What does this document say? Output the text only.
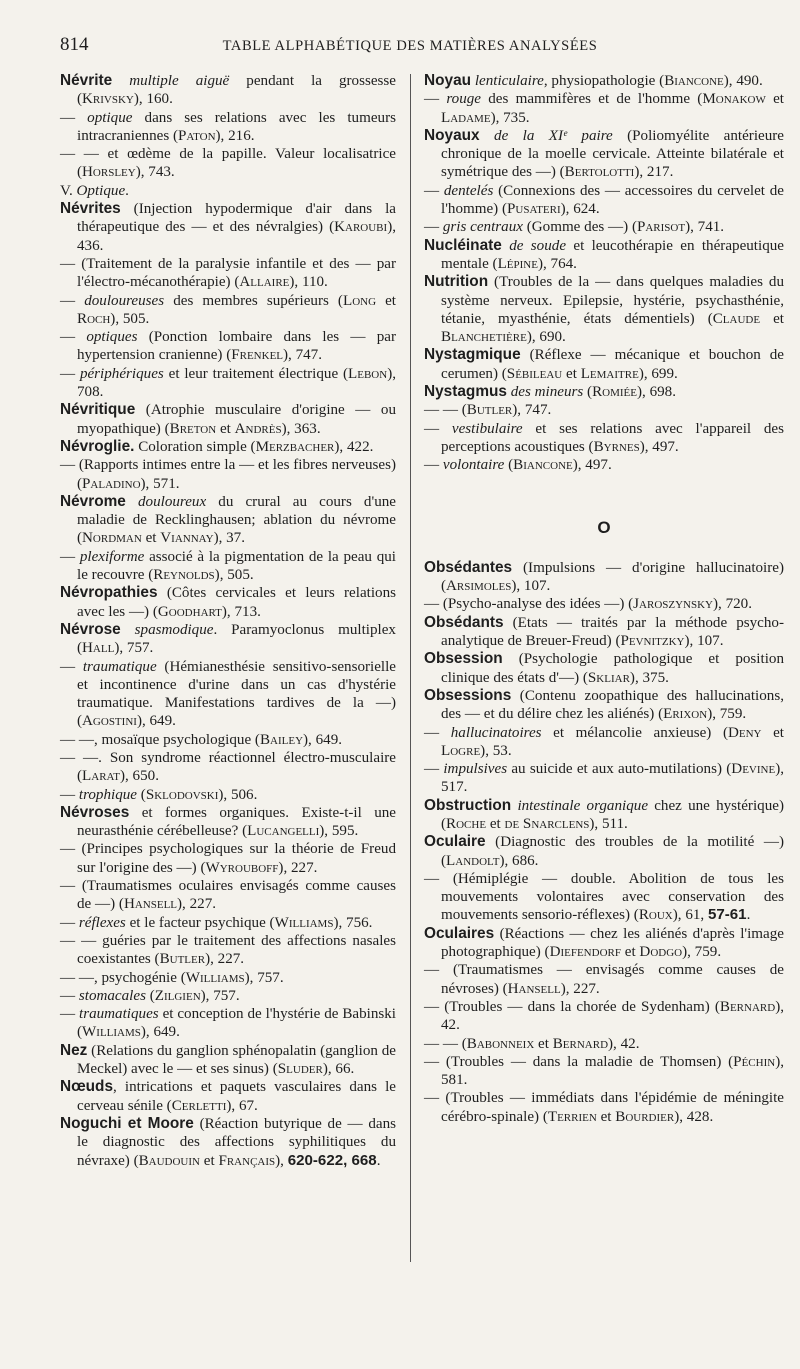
814	TABLE ALPHABÉTIQUE DES MATIÈRES ANALYSÉES

Névrite multiple aiguë pendant la grossesse (Krivsky), 160.

— optique dans ses relations avec les tumeurs intracraniennes (Paton), 216.

— — et œdème de la papille. Valeur localisatrice (Horsley), 743.

V. Optique.

Névrites (Injection hypodermique d'air dans la thérapeutique des — et des névralgies) (Karoubi), 436.

— (Traitement de la paralysie infantile et des — par l'électro-mécanothérapie) (Allaire), 110.

— douloureuses des membres supérieurs (Long et Roch), 505.

— optiques (Ponction lombaire dans les — par hypertension cranienne) (Frenkel), 747.

— périphériques et leur traitement électrique (Lebon), 708.

Névritique (Atrophie musculaire d'origine — ou myopathique) (Breton et Andrès), 363.

Névroglie. Coloration simple (Merzbacher), 422.

— (Rapports intimes entre la — et les fibres nerveuses) (Paladino), 571.

Névrome douloureux du crural au cours d'une maladie de Recklinghausen; ablation du névrome (Nordman et Viannay), 37.

— plexiforme associé à la pigmentation de la peau qui le recouvre (Reynolds), 505.

Névropathies (Côtes cervicales et leurs relations avec les —) (Goodhart), 713.

Névrose spasmodique. Paramyoclonus multiplex (Hall), 757.

— traumatique (Hémianesthésie sensitivo-sensorielle et incontinence d'urine dans un cas d'hystérie traumatique. Manifestations tardives de la —) (Agostini), 649.

— —, mosaïque psychologique (Bailey), 649.

— —. Son syndrome réactionnel électro-musculaire (Larat), 650.

— trophique (Sklodovski), 506.

Névroses et formes organiques. Existe-t-il une neurasthénie cérébelleuse? (Lucangelli), 595.

— (Principes psychologiques sur la théorie de Freud sur l'origine des —) (Wyrouboff), 227.

— (Traumatismes oculaires envisagés comme causes de —) (Hansell), 227.

— réflexes et le facteur psychique (Williams), 756.

— — guéries par le traitement des affections nasales coexistantes (Butler), 227.

— —, psychogénie (Williams), 757.

— stomacales (Zilgien), 757.

— traumatiques et conception de l'hystérie de Babinski (Williams), 649.

Nez (Relations du ganglion sphénopalatin (ganglion de Meckel) avec le — et ses sinus) (Sluder), 66.

Nœuds, intrications et paquets vasculaires dans le cerveau sénile (Cerletti), 67.

Noguchi et Moore (Réaction butyrique de — dans le diagnostic des affections syphilitiques du névraxe) (Baudouin et Français), 620-622, 668.

Noyau lenticulaire, physiopathologie (Biancone), 490.

— rouge des mammifères et de l'homme (Monakow et Ladame), 735.

Noyaux de la XIᵉ paire (Poliomyélite antérieure chronique de la moelle cervicale. Atteinte bilatérale et symétrique des —) (Bertolotti), 217.

— dentelés (Connexions des — accessoires du cervelet de l'homme) (Pusateri), 624.

— gris centraux (Gomme des —) (Parisot), 741.

Nucléinate de soude et leucothérapie en thérapeutique mentale (Lépine), 764.

Nutrition (Troubles de la — dans quelques maladies du système nerveux. Epilepsie, hystérie, psychasthénie, tétanie, myasthénie, états démentiels) (Claude et Blanchetière), 690.

Nystagmique (Réflexe — mécanique et bouchon de cerumen) (Sébileau et Lemaitre), 699.

Nystagmus des mineurs (Romiée), 698.

— — (Butler), 747.

— vestibulaire et ses relations avec l'appareil des perceptions acoustiques (Byrnes), 497.

— volontaire (Biancone), 497.

O

Obsédantes (Impulsions — d'origine hallucinatoire) (Arsimoles), 107.

— (Psycho-analyse des idées —) (Jaroszynsky), 720.

Obsédants (Etats — traités par la méthode psycho-analytique de Breuer-Freud) (Pevnitzky), 107.

Obsession (Psychologie pathologique et position clinique des états d'—) (Skliar), 375.

Obsessions (Contenu zoopathique des hallucinations, des — et du délire chez les aliénés) (Erixon), 759.

— hallucinatoires et mélancolie anxieuse) (Deny et Logre), 53.

— impulsives au suicide et aux auto-mutilations) (Devine), 517.

Obstruction intestinale organique chez une hystérique) (Roche et de Snarclens), 511.

Oculaire (Diagnostic des troubles de la motilité —) (Landolt), 686.

— (Hémiplégie — double. Abolition de tous les mouvements volontaires avec conservation des mouvements sensorio-réflexes) (Roux), 61, 57-61.

Oculaires (Réactions — chez les aliénés d'après l'image photographique) (Diefendorf et Dodgo), 759.

— (Traumatismes — envisagés comme causes de névroses) (Hansell), 227.

— (Troubles — dans la chorée de Sydenham) (Bernard), 42.

— — (Babonneix et Bernard), 42.

— (Troubles — dans la maladie de Thomsen) (Péchin), 581.

— (Troubles — immédiats dans l'épidémie de méningite cérébro-spinale) (Terrien et Bourdier), 428.
